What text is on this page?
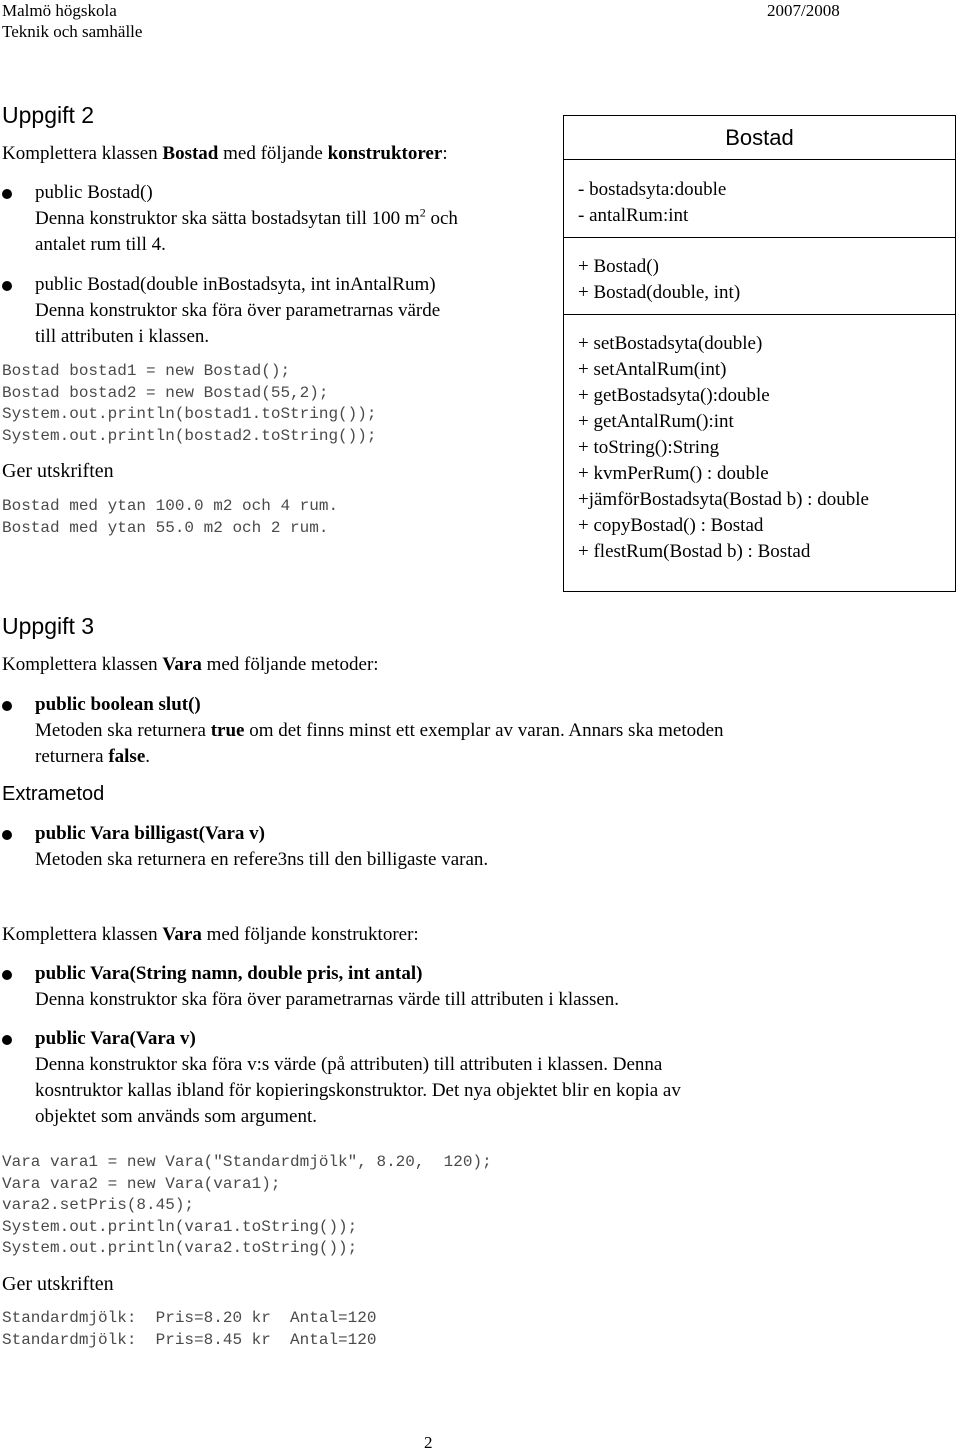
Malmö högskola
Teknik och samhälle
2007/2008
Uppgift 2
Komplettera klassen Bostad med följande konstruktorer:
public Bostad()
Denna konstruktor ska sätta bostadsytan till 100 $m^2$ och
antalet rum till 4.
public Bostad(double inBostadsyta, int inAntalRum)
Denna konstruktor ska föra över parametrarnas värde
till attributen i klassen.
Bostad bostad1 = new Bostad();
Bostad bostad2 = new Bostad(55,2);
System.out.println(bostad1.toString());
System.out.println(bostad2.toString());
Ger utskriften
Bostad med ytan 100.0 m2 och 4 rum.
Bostad med ytan 55.0 m2 och 2 rum.
Bostad
- bostadsyta:double
- antalRum:int
+ Bostad()
+ Bostad(double, int)
+ setBostadsyta(double)
+ setAntalRum(int)
+ getBostadsyta():double
+ getAntalRum():int
+ toString():String
+ kvmPerRum() : double
+jämförBostadsyta(Bostad b) : double
+ copyBostad() : Bostad
+ flestRum(Bostad b) : Bostad
Uppgift 3
Komplettera klassen Vara med följande metoder:
public boolean slut()
Metoden ska returnera true om det finns minst ett exemplar av varan. Annars ska metoden
returnera false.
Extrametod
public Vara billigast(Vara v)
Metoden ska returnera en refere3ns till den billigaste varan.
Komplettera klassen Vara med följande konstruktorer:
public Vara(String namn, double pris, int antal)
Denna konstruktor ska föra över parametrarnas värde till attributen i klassen.
public Vara(Vara v)
Denna konstruktor ska föra v:s värde (på attributen) till attributen i klassen. Denna
kosntruktor kallas ibland för kopieringskonstruktor. Det nya objektet blir en kopia av
objektet som används som argument.
Vara vara1 = new Vara("Standardmjölk", 8.20,  120);
Vara vara2 = new Vara(vara1);
vara2.setPris(8.45);
System.out.println(vara1.toString());
System.out.println(vara2.toString());
Ger utskriften
Standardmjölk:  Pris=8.20 kr  Antal=120
Standardmjölk:  Pris=8.45 kr  Antal=120
2
